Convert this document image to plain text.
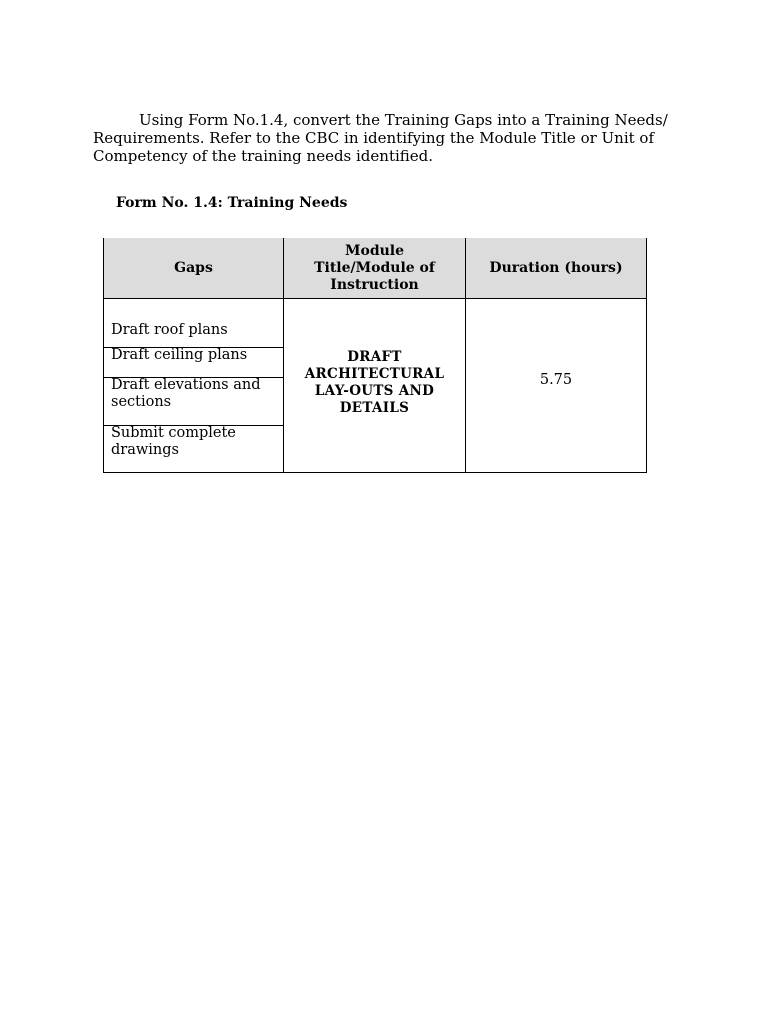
Using Form No.1.4, convert the Training Gaps into a Training Needs/ Requirements. Refer to the CBC in identifying the Module Title or Unit of Competency of the training needs identified.

Form No. 1.4: Training Needs

Gaps
Module Title/Module of Instruction
Duration (hours)
Draft roof plans
Draft ceiling plans
Draft elevations and sections
Submit complete drawings
DRAFT ARCHITECTURAL LAY-OUTS AND DETAILS
5.75
